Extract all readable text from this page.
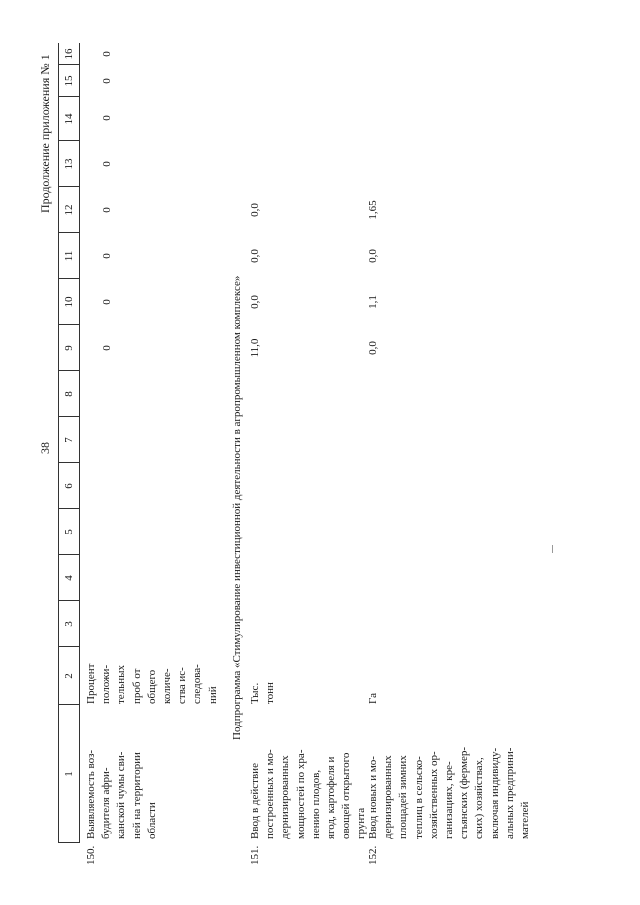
38
Продолжение приложения № 1
1
2
3
4
5
6
7
8
9
10
11
12
13
14
15
16
150.
Выявляемость воз-
будителя афри-
канской чумы сви-
ней на территории
области
Процент
положи-
тельных
проб от
общего
количе-
ства ис-
следова-
ний
0
0
0
0
0
0
0
0
Подпрограмма «Стимулирование инвестиционной деятельности в агропромышленном комплексе»
151.
Ввод в действие
построенных и мо-
дернизированных
мощностей по хра-
нению плодов,
ягод, картофеля и
овощей открытого
грунта
Тыс.
тонн
11,0
0,0
0,0
0,0
152.
Ввод новых и мо-
дернизированных
площадей зимних
теплиц в сельско-
хозяйственных ор-
ганизациях, кре-
стьянских (фермер-
ских) хозяйствах,
включая индивиду-
альных предприни-
мателей
Га
0,0
1,1
0,0
1,65
